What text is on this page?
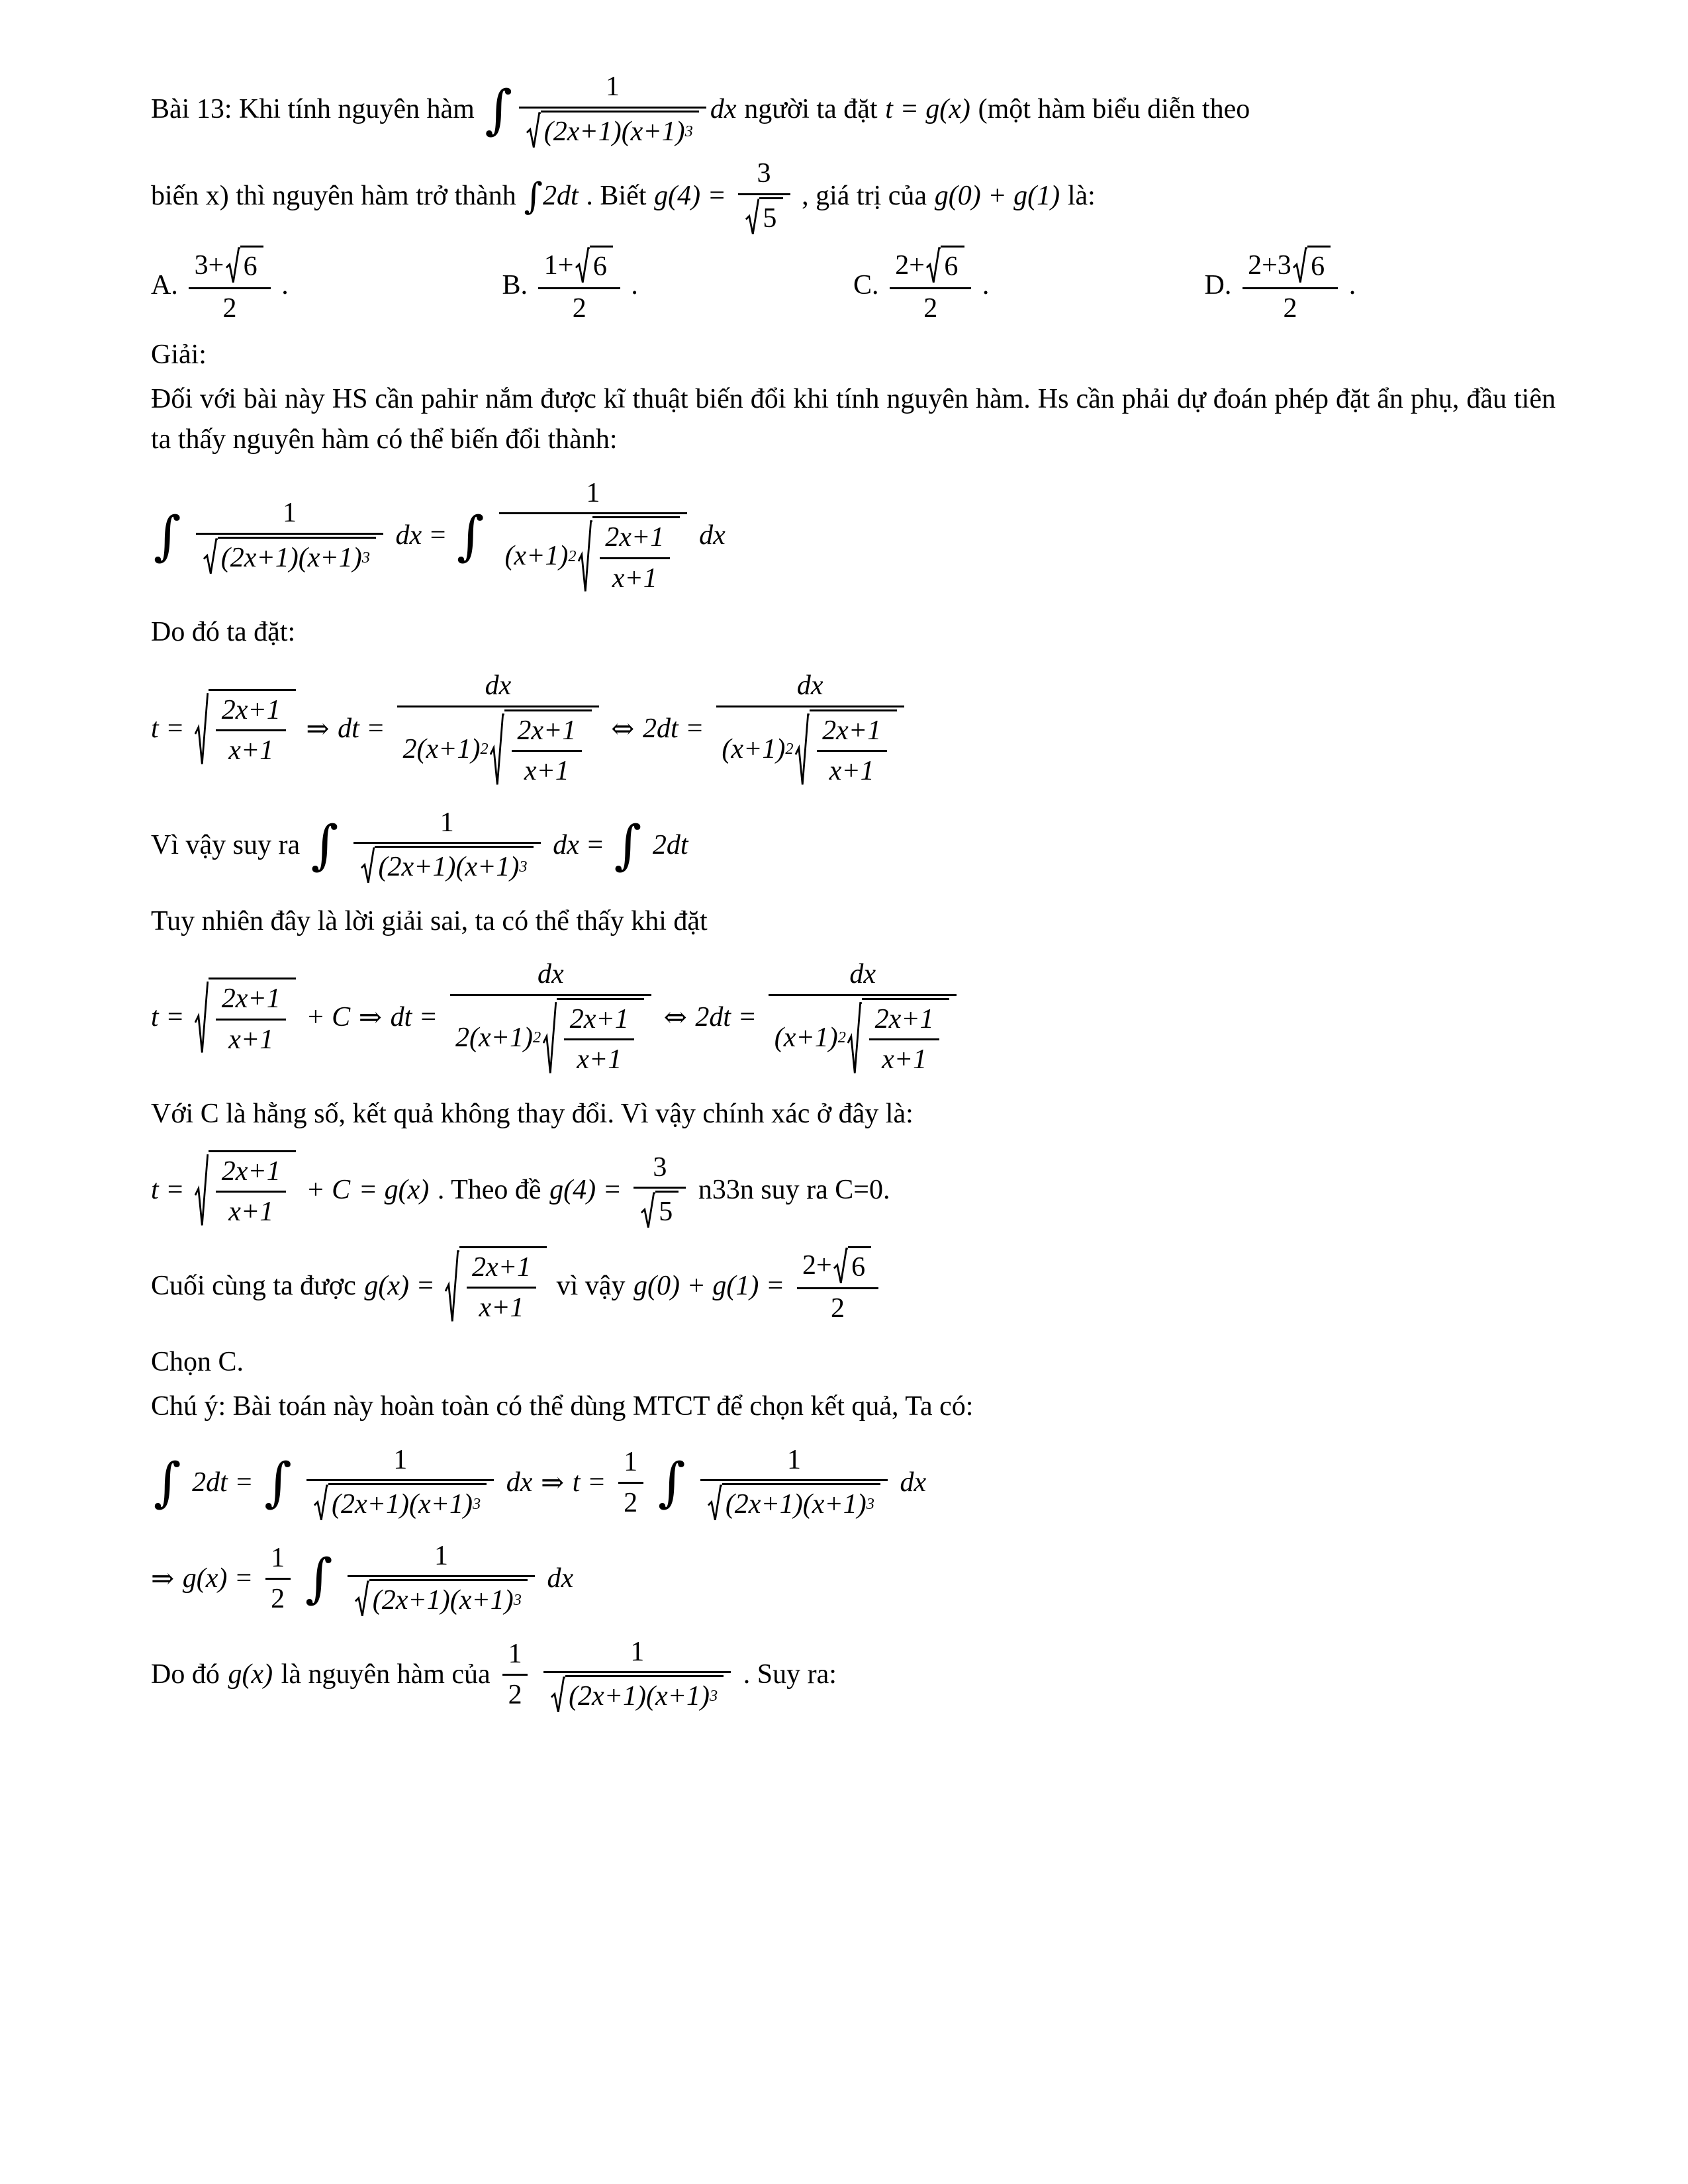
Bài 13: Khi tính nguyên hàm ∫ $\frac{1}{(2x+1)(x+1) 3}$ dx người ta đặt t = g(x) (một hàm biểu diễn theo
biến x) thì nguyên hàm trở thành ∫ 2dt . Biết $g(4) = \frac{3}{5}$ , giá trị của g(0) + g(1) là:
A. $\frac{3+ 6}{2}$ .	B. $\frac{1+ 6}{2}$ .	C. $\frac{2+ 6}{2}$ .	D. $\frac{2+3 6}{2}$ .
Giải:
Đối với bài này HS cần pahir nắm được kĩ thuật biến đổi khi tính nguyên hàm. Hs cần phải dự đoán phép đặt ẩn phụ, đầu tiên ta thấy nguyên hàm có thể biến đổi thành:
∫ $\frac{1}{(2x+1)(x+1) 3}$ dx = ∫ $\frac{1}{(x+1) 2 \frac{2x+1}{x+1}}$ dx
Do đó ta đặt:
$t = \frac{2x+1}{x+1}$ ⇒ dt = $\frac{dx}{2(x+1) 2 \frac{2x+1}{x+1}}$ ⇔ $2dt = \frac{dx}{(x+1) 2 \frac{2x+1}{x+1}}$
Vì vậy suy ra ∫ $\frac{1}{(2x+1)(x+1) 3}$ dx = ∫ 2dt
Tuy nhiên đây là lời giải sai, ta có thể thấy khi đặt
$t = \frac{2x+1}{x+1} + C$ ⇒ dt = $\frac{dx}{2(x+1) 2 \frac{2x+1}{x+1}}$ ⇔ $2dt = \frac{dx}{(x+1) 2 \frac{2x+1}{x+1}}$
Với C là hằng số, kết quả không thay đổi. Vì vậy chính xác ở đây là:
$t = \frac{2x+1}{x+1} + C = g(x)$ . Theo đề $g(4) = \frac{3}{5} n33n$ suy ra C=0.
Cuối cùng ta được $g(x) = \frac{2x+1}{x+1}$ vì vậy $g(0) + g(1) = \frac{2+ 6}{2}$
Chọn C.
Chú ý: Bài toán này hoàn toàn có thể dùng MTCT để chọn kết quả, Ta có:
∫ 2dt = ∫ $\frac{1}{(2x+1)(x+1) 3}$ dx ⇒ $t = \frac{1}{2}$ ∫ $\frac{1}{(2x+1)(x+1) 3}$ dx
⇒ $g(x) = \frac{1}{2}$ ∫ $\frac{1}{(2x+1)(x+1) 3}$ dx
Do đó g(x) là nguyên hàm của $\frac{1}{2} \frac{1}{(2x+1)(x+1) 3}$ . Suy ra:
